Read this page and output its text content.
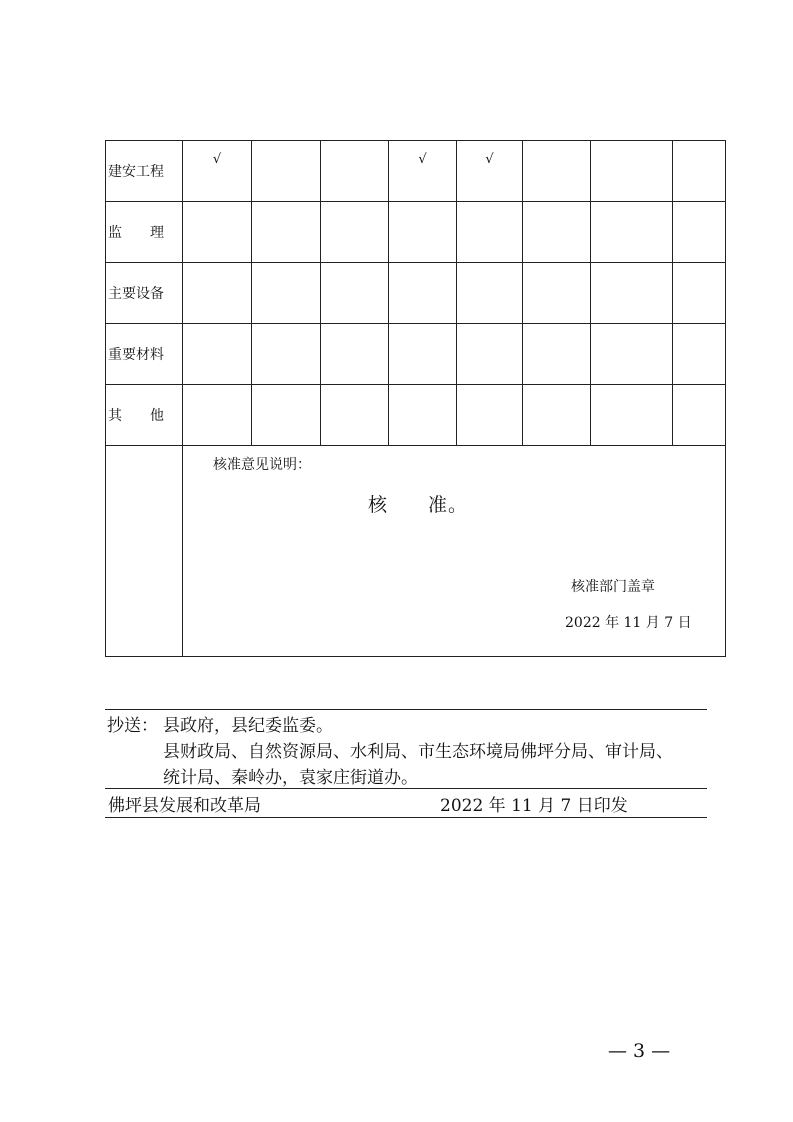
建安工程	√			√	√			
监　　理								
主要设备								
重要材料								
其　　他								

	核准意见说明：
核 准。
核准部门盖章
2022 年 11 月 7 日							
抄送： 县政府，县纪委监委。
县财政局、自然资源局、水利局、市生态环境局佛坪分局、审计局、
统计局、秦岭办，袁家庄街道办。
佛坪县发展和改革局	2022 年 11 月 7 日印发
— 3 —
